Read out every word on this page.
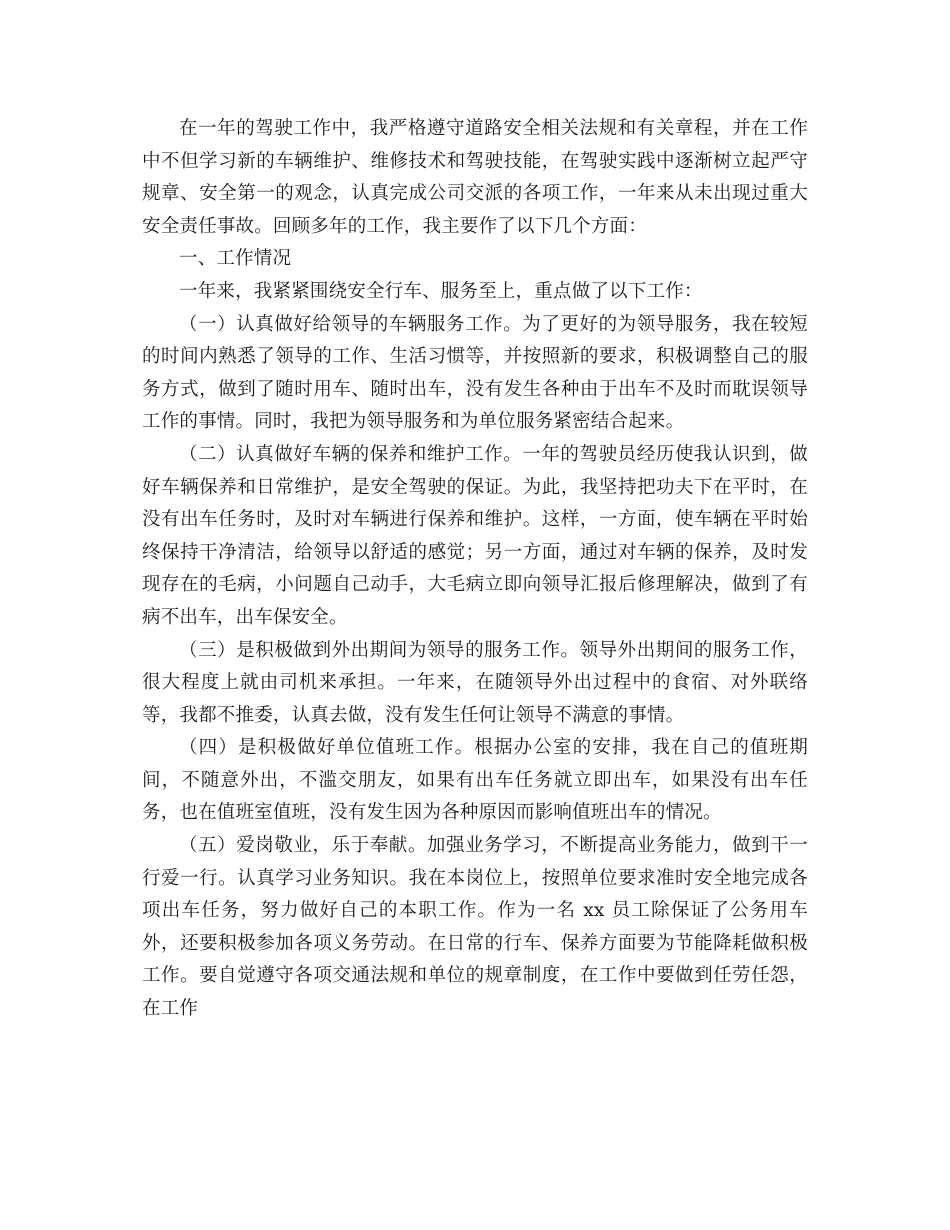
在一年的驾驶工作中，我严格遵守道路安全相关法规和有关章程，并在工作中不但学习新的车辆维护、维修技术和驾驶技能，在驾驶实践中逐渐树立起严守规章、安全第一的观念，认真完成公司交派的各项工作，一年来从未出现过重大安全责任事故。回顾多年的工作，我主要作了以下几个方面：

一、工作情况

一年来，我紧紧围绕安全行车、服务至上，重点做了以下工作：

（一）认真做好给领导的车辆服务工作。为了更好的为领导服务，我在较短的时间内熟悉了领导的工作、生活习惯等，并按照新的要求，积极调整自己的服务方式，做到了随时用车、随时出车，没有发生各种由于出车不及时而耽误领导工作的事情。同时，我把为领导服务和为单位服务紧密结合起来。

（二）认真做好车辆的保养和维护工作。一年的驾驶员经历使我认识到，做好车辆保养和日常维护，是安全驾驶的保证。为此，我坚持把功夫下在平时，在没有出车任务时，及时对车辆进行保养和维护。这样，一方面，使车辆在平时始终保持干净清洁，给领导以舒适的感觉；另一方面，通过对车辆的保养，及时发现存在的毛病，小问题自己动手，大毛病立即向领导汇报后修理解决，做到了有病不出车，出车保安全。

（三）是积极做到外出期间为领导的服务工作。领导外出期间的服务工作，很大程度上就由司机来承担。一年来，在随领导外出过程中的食宿、对外联络等，我都不推委，认真去做，没有发生任何让领导不满意的事情。

（四）是积极做好单位值班工作。根据办公室的安排，我在自己的值班期间，不随意外出，不滥交朋友，如果有出车任务就立即出车，如果没有出车任务，也在值班室值班，没有发生因为各种原因而影响值班出车的情况。

（五）爱岗敬业，乐于奉献。加强业务学习，不断提高业务能力，做到干一行爱一行。认真学习业务知识。我在本岗位上，按照单位要求准时安全地完成各项出车任务，努力做好自己的本职工作。作为一名 xx 员工除保证了公务用车外，还要积极参加各项义务劳动。在日常的行车、保养方面要为节能降耗做积极工作。要自觉遵守各项交通法规和单位的规章制度，在工作中要做到任劳任怨，在工作
